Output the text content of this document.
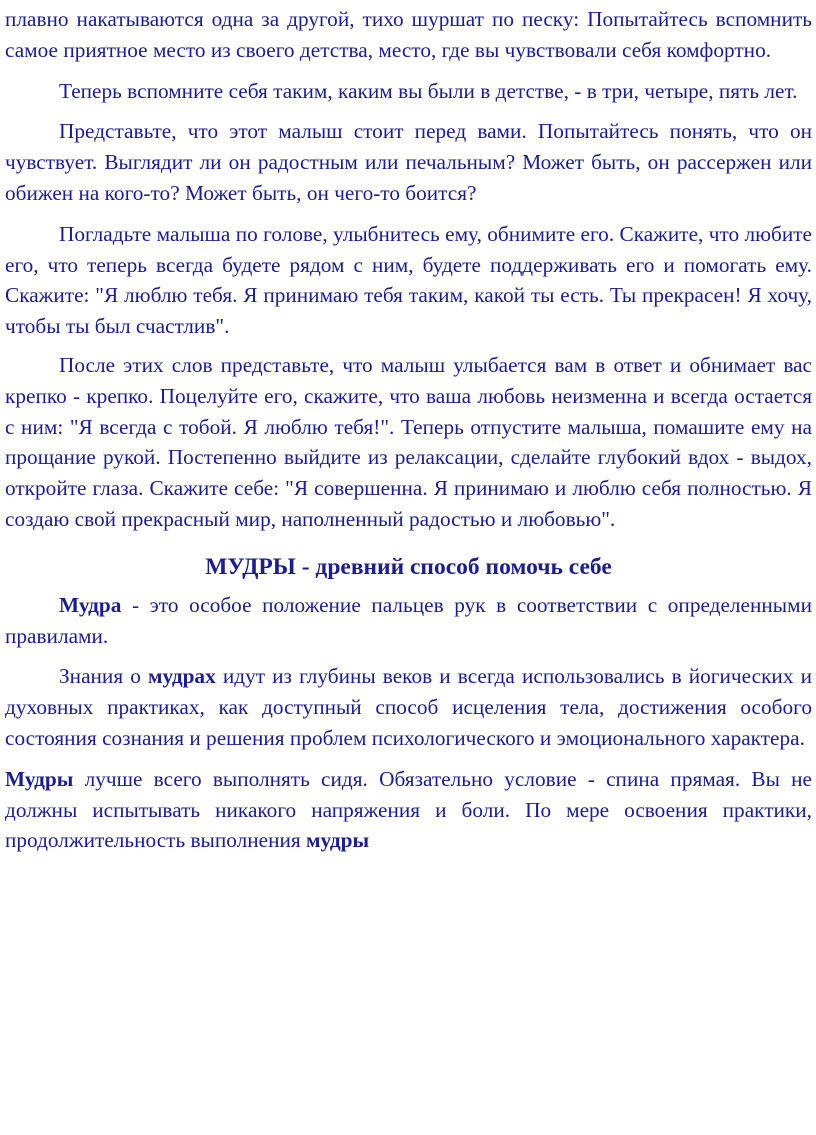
плавно накатываются одна за другой, тихо шуршат по песку: Попытайтесь вспомнить самое приятное место из своего детства, место, где вы чувствовали себя комфортно.

Теперь вспомните себя таким, каким вы были в детстве, - в три, четыре, пять лет.

Представьте, что этот малыш стоит перед вами. Попытайтесь понять, что он чувствует. Выглядит ли он радостным или печальным? Может быть, он рассержен или обижен на кого-то? Может быть, он чего-то боится?

Погладьте малыша по голове, улыбнитесь ему, обнимите его. Скажите, что любите его, что теперь всегда будете рядом с ним, будете поддерживать его и помогать ему. Скажите: "Я люблю тебя. Я принимаю тебя таким, какой ты есть. Ты прекрасен! Я хочу, чтобы ты был счастлив".

После этих слов представьте, что малыш улыбается вам в ответ и обнимает вас крепко - крепко. Поцелуйте его, скажите, что ваша любовь неизменна и всегда остается с ним: "Я всегда с тобой. Я люблю тебя!". Теперь отпустите малыша, помашите ему на прощание рукой. Постепенно выйдите из релаксации, сделайте глубокий вдох - выдох, откройте глаза. Скажите себе: "Я совершенна. Я принимаю и люблю себя полностью. Я создаю свой прекрасный мир, наполненный радостью и любовью".

МУДРЫ - древний способ помочь себе

Мудра - это особое положение пальцев рук в соответствии с определенными правилами.

Знания о мудрах идут из глубины веков и всегда использовались в йогических и духовных практиках, как доступный способ исцеления тела, достижения особого состояния сознания и решения проблем психологического и эмоционального характера.

Мудры лучше всего выполнять сидя. Обязательно условие - спина прямая. Вы не должны испытывать никакого напряжения и боли. По мере освоения практики, продолжительность выполнения мудры
